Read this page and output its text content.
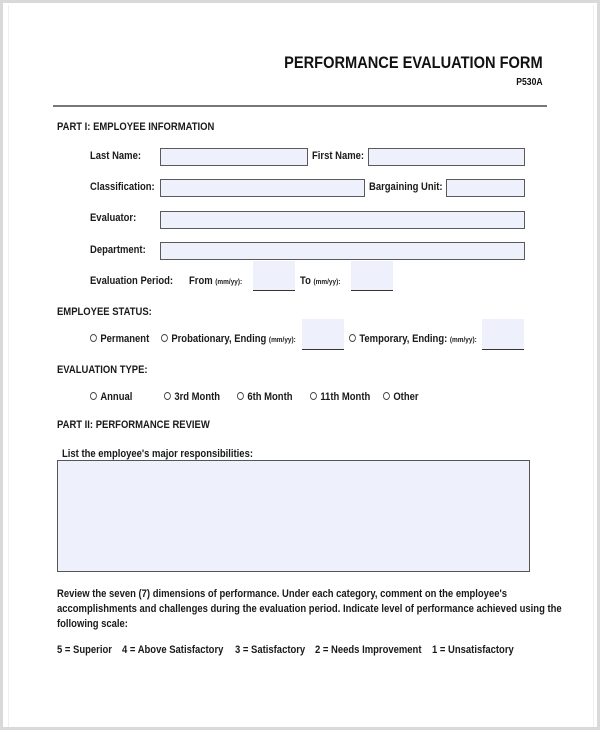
PERFORMANCE EVALUATION FORM
P530A
PART I: EMPLOYEE INFORMATION
Last Name:	First Name:
Classification:	Bargaining Unit:
Evaluator:
Department:
Evaluation Period:	From (mm/yy):	To (mm/yy):
EMPLOYEE STATUS:
Permanent	Probationary, Ending (mm/yy):	Temporary, Ending: (mm/yy):
EVALUATION TYPE:
Annual	3rd Month	6th Month	11th Month	Other
PART II: PERFORMANCE REVIEW
List the employee's major responsibilities:
Review the seven (7) dimensions of performance. Under each category, comment on the employee's
accomplishments and challenges during the evaluation period. Indicate level of performance achieved using the
following scale:
5 = Superior 4 = Above Satisfactory	3 = Satisfactory 2 = Needs Improvement 1 = Unsatisfactory
